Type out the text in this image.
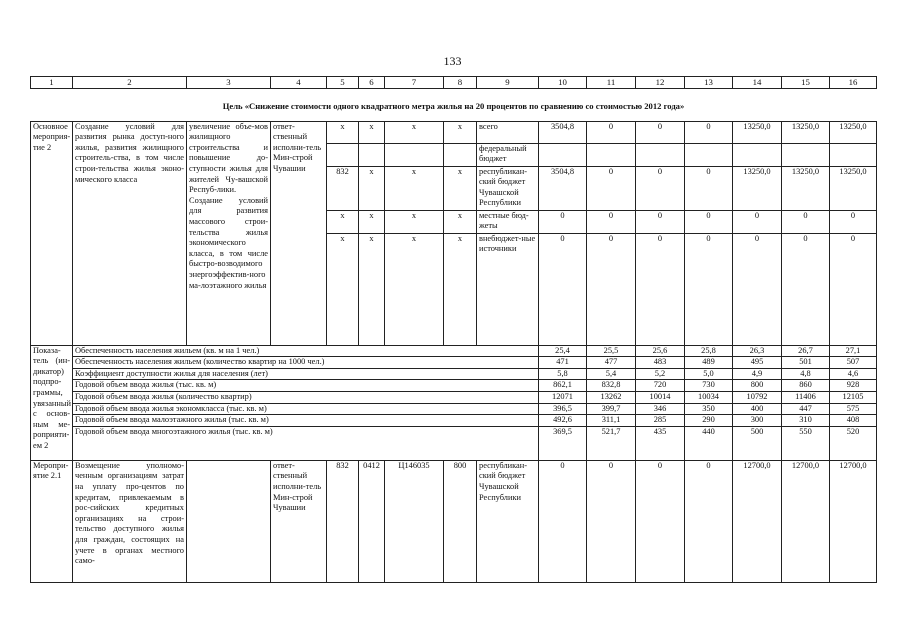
133
1	2	3	4	5	6	7	8	9	10	11	12	13	14	15	16
Цель «Снижение стоимости одного квадратного метра жилья на 20 процентов по сравнению со стоимостью 2012 года»															
Основное мероприя-тие 2	Создание условий для развития рынка доступ-ного жилья, развития жилищного строитель-ства, в том числе строи-тельства жилья эконо-мического класса	увеличение объе-мов жилищного строительства и повышение до-ступности жилья для жителей Чу-вашской Респуб-лики. Создание условий для развития массового строи-тельства жилья экономического класса, в том числе быстро-возводимого энергоэффектив-ного ма-лоэтажного жилья	ответ-ственный исполни-тель Мин-строй Чувашии	x	x	x	x	всего	3504,8	0	0	0	13250,0	13250,0	13250,0
								федеральный бюджет							
				832	x	x	x	республикан-ский бюджет Чувашской Республики	3504,8	0	0	0	13250,0	13250,0	13250,0
				x	x	x	x	местные бюд-жеты	0	0	0	0	0	0	0
				x	x	x	x	внебюджет-ные источники	0	0	0	0	0	0	0
Показа-тель (ин-дикатор) подпро-граммы, увязанный с основ-ным ме-роприяти-ем 2	Обеспеченность населения жильем (кв. м на 1 чел.)								25,4	25,5	25,6	25,8	26,3	26,7	27,1
	Обеспеченность населения жильем (количество квартир на 1000 чел.)								471	477	483	489	495	501	507
	Коэффициент доступности жилья для населения (лет)								5,8	5,4	5,2	5,0	4,9	4,8	4,6
	Годовой объем ввода жилья (тыс. кв. м)								862,1	832,8	720	730	800	860	928
	Годовой объем ввода жилья (количество квартир)								12071	13262	10014	10034	10792	11406	12105
	Годовой объем ввода жилья экономкласса (тыс. кв. м)								396,5	399,7	346	350	400	447	575
	Годовой объем ввода малоэтажного жилья (тыс. кв. м)								492,6	311,1	285	290	300	310	408
	Годовой объем ввода многоэтажного жилья (тыс. кв. м)								369,5	521,7	435	440	500	550	520
Меропри-ятие 2.1	Возмещение уполномо-ченным организациям затрат на уплату про-центов по кредитам, привлекаемым в рос-сийских кредитных организациях на строи-тельство доступного жилья для граждан, состоящих на учете в органах местного само-		ответ-ственный исполни-тель Мин-строй Чувашии	832	0412	Ц146035	800	республикан-ский бюджет Чувашской Республики	0	0	0	0	12700,0	12700,0	12700,0
